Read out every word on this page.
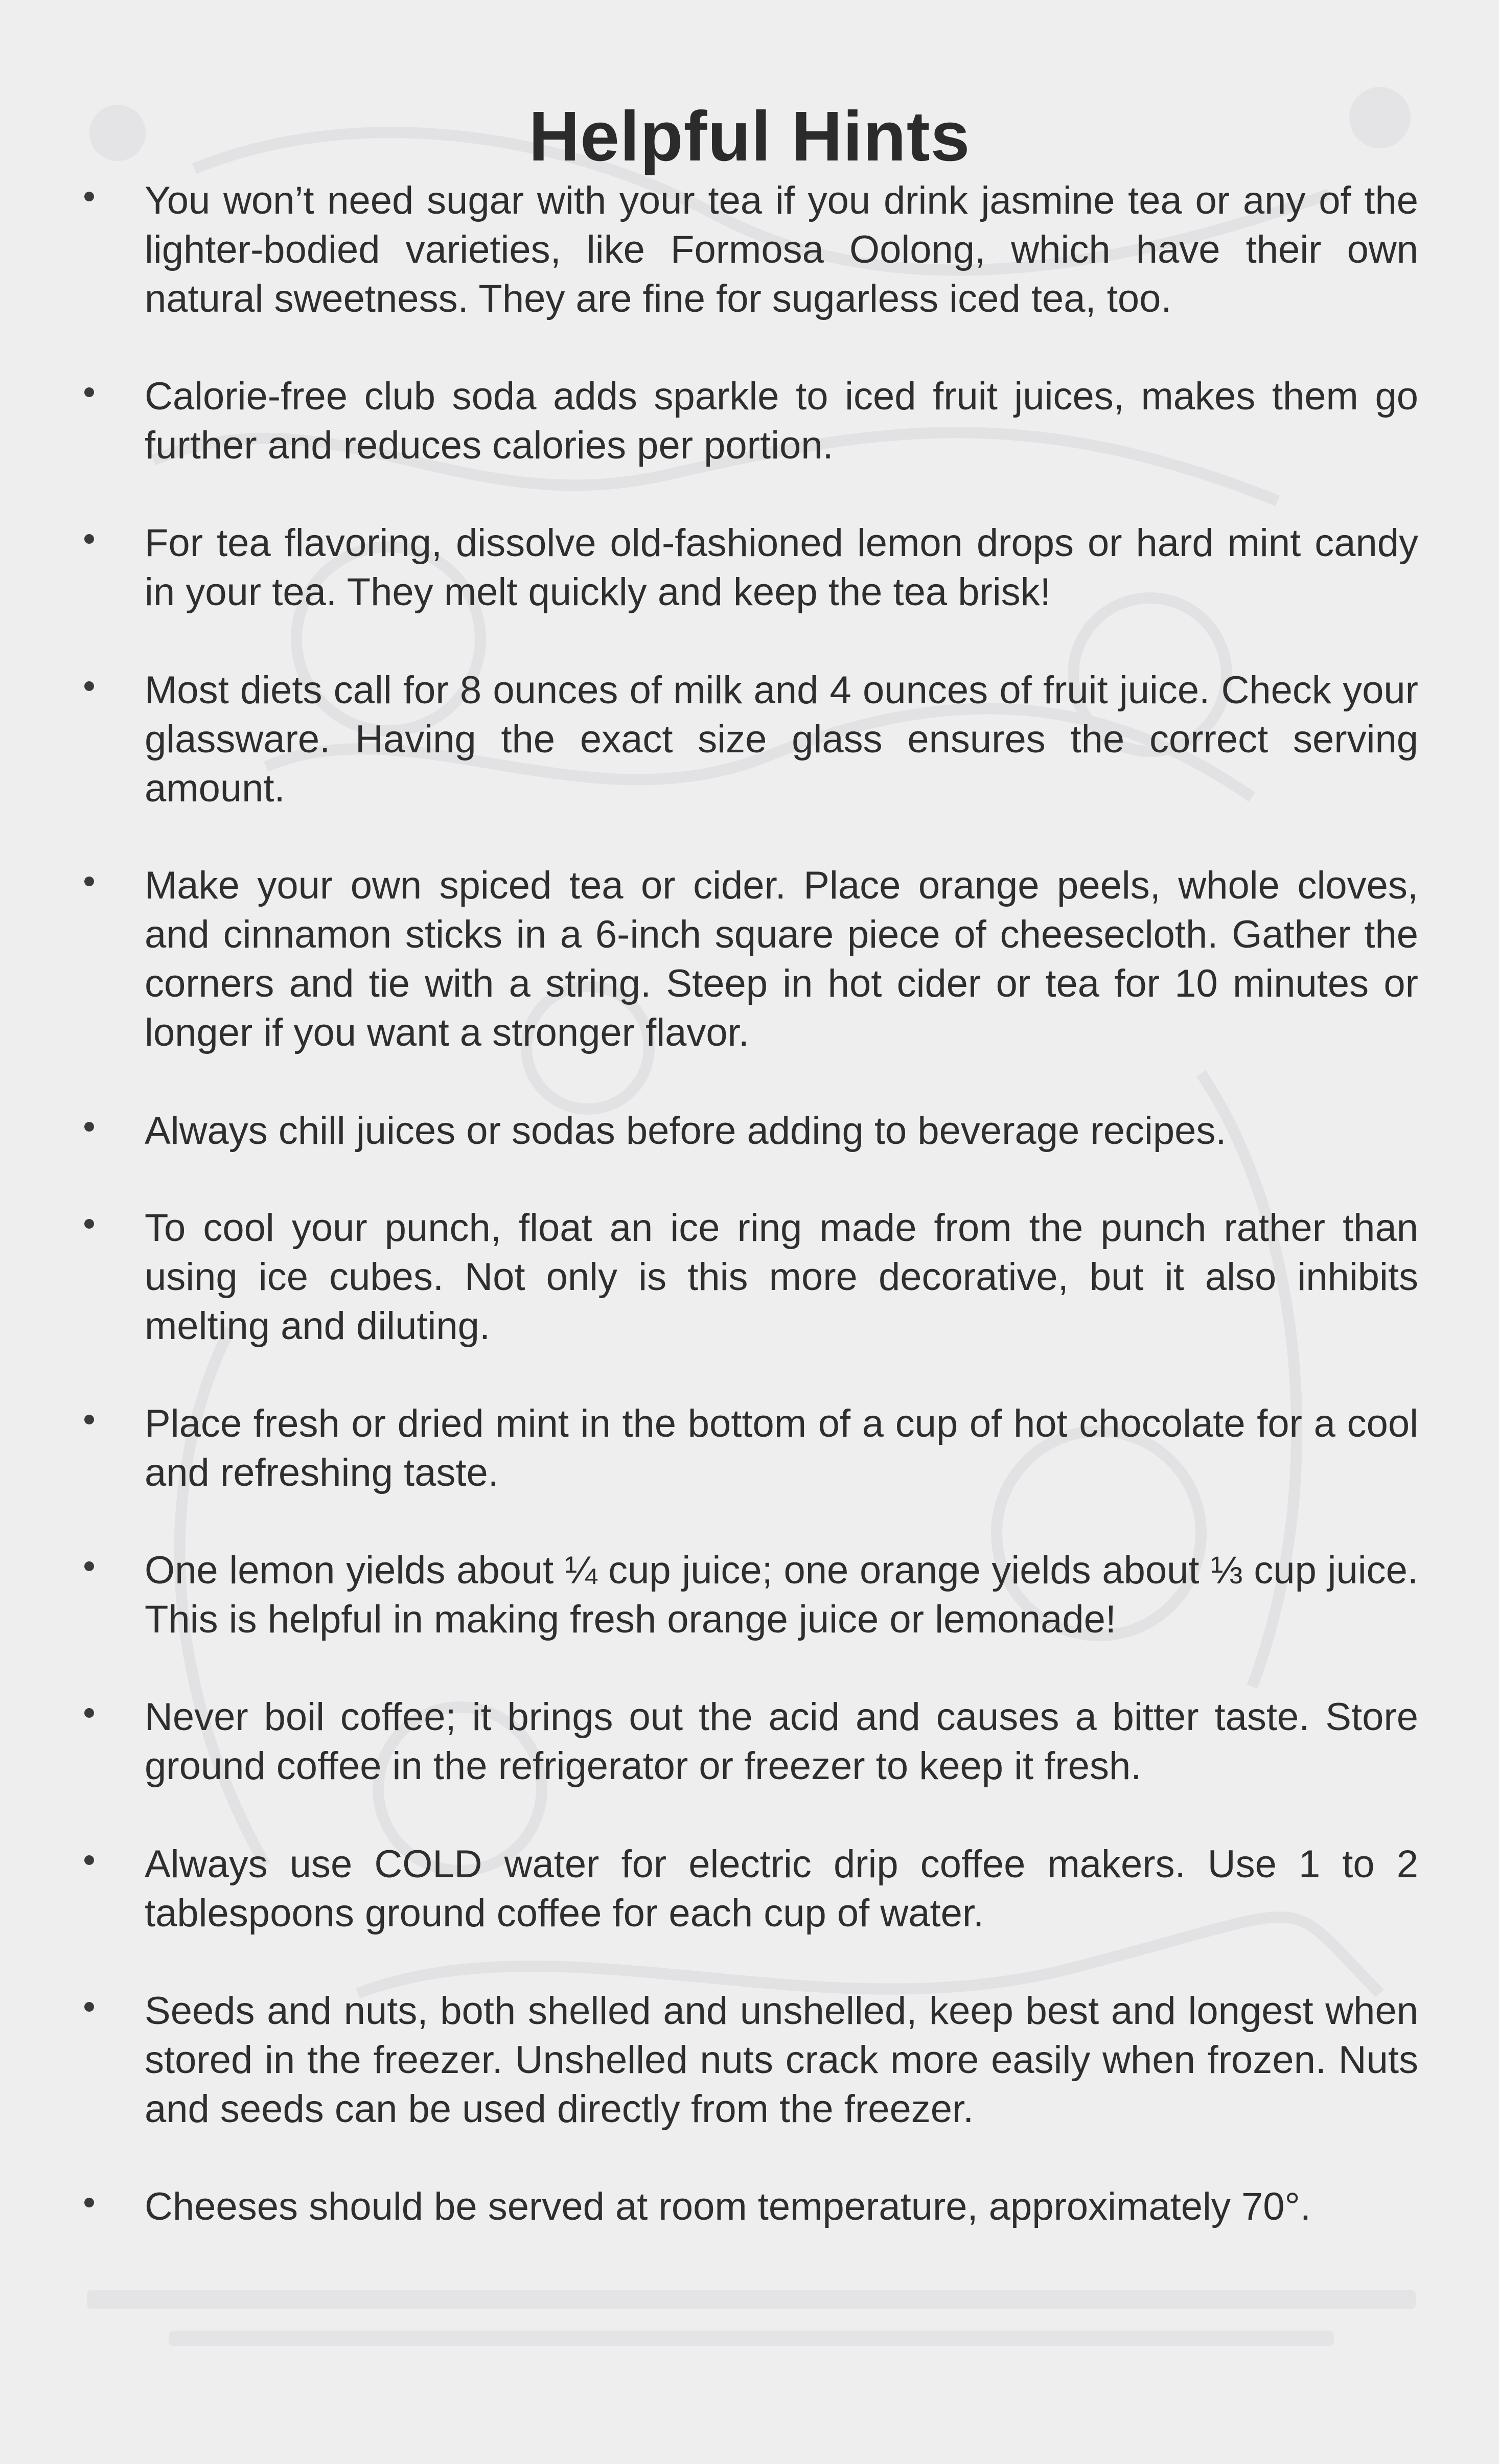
Helpful Hints
You won’t need sugar with your tea if you drink jasmine tea or any of the lighter-bodied varieties, like Formosa Oolong, which have their own natural sweetness. They are fine for sugarless iced tea, too.
Calorie-free club soda adds sparkle to iced fruit juices, makes them go further and reduces calories per portion.
For tea flavoring, dissolve old-fashioned lemon drops or hard mint candy in your tea. They melt quickly and keep the tea brisk!
Most diets call for 8 ounces of milk and 4 ounces of fruit juice. Check your glassware. Having the exact size glass ensures the correct serving amount.
Make your own spiced tea or cider. Place orange peels, whole cloves, and cinnamon sticks in a 6-inch square piece of cheesecloth. Gather the corners and tie with a string. Steep in hot cider or tea for 10 minutes or longer if you want a stronger flavor.
Always chill juices or sodas before adding to beverage recipes.
To cool your punch, float an ice ring made from the punch rather than using ice cubes. Not only is this more decorative, but it also inhibits melting and diluting.
Place fresh or dried mint in the bottom of a cup of hot chocolate for a cool and refreshing taste.
One lemon yields about ¼ cup juice; one orange yields about ⅓ cup juice. This is helpful in making fresh orange juice or lemonade!
Never boil coffee; it brings out the acid and causes a bitter taste. Store ground coffee in the refrigerator or freezer to keep it fresh.
Always use COLD water for electric drip coffee makers. Use 1 to 2 tablespoons ground coffee for each cup of water.
Seeds and nuts, both shelled and unshelled, keep best and longest when stored in the freezer. Unshelled nuts crack more easily when frozen. Nuts and seeds can be used directly from the freezer.
Cheeses should be served at room temperature, approximately 70°.
